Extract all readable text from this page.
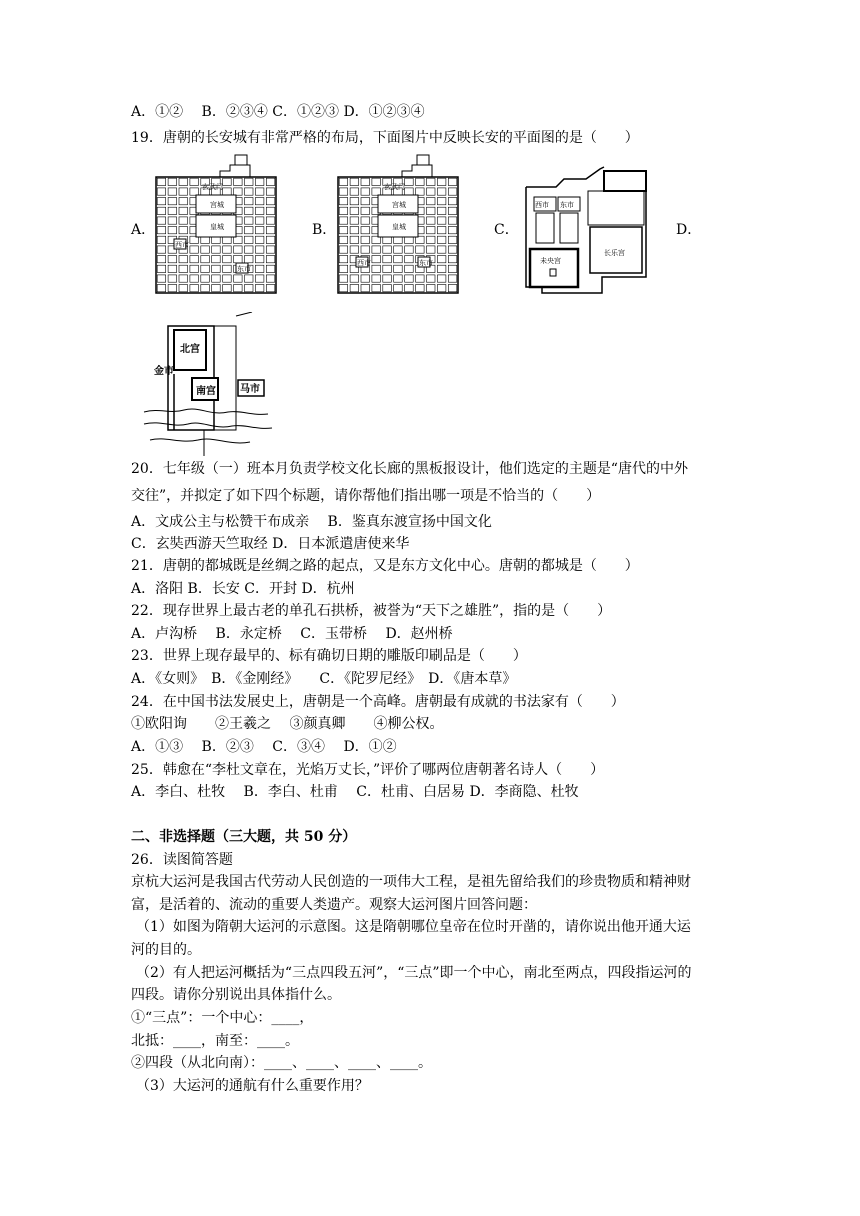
A．①②　 B．②③④ C．①②③ D．①②③④
19．唐朝的长安城有非常严格的布局，下面图片中反映长安的平面图的是（　　）
A．	B．	C．	D．
玄武门
宫城
皇城
西市
东市
玄武门
宫城
皇城
西市	东市
西市 东市
未央宫
长乐宫
北宫
金市
南宫 马市
20．七年级（一）班本月负责学校文化长廊的黑板报设计，他们选定的主题是“唐代的中外
交往”，并拟定了如下四个标题，请你帮他们指出哪一项是不恰当的（　　）
A．文成公主与松赞干布成亲　 B．鉴真东渡宣扬中国文化
C．玄奘西游天竺取经 D．日本派遣唐使来华
21．唐朝的都城既是丝绸之路的起点，又是东方文化中心。唐朝的都城是（　　）
A．洛阳 B．长安 C．开封 D．杭州
22．现存世界上最古老的单孔石拱桥，被誉为“天下之雄胜”，指的是（　　）
A．卢沟桥　 B．永定桥　 C．玉带桥　 D．赵州桥
23．世界上现存最早的、标有确切日期的雕版印刷品是（　　）
A．《女则》　B．《金刚经》　　C．《陀罗尼经》　D．《唐本草》
24．在中国书法发展史上，唐朝是一个高峰。唐朝最有成就的书法家有（　　）
①欧阳询　　②王羲之　 ③颜真卿　　④柳公权。
A．①③　 B．②③　 C．③④　 D．①②
25．韩愈在“李杜文章在，光焰万丈长，”评价了哪两位唐朝著名诗人（　　）
A．李白、杜牧　 B．李白、杜甫　 C．杜甫、白居易 D．李商隐、杜牧
二、非选择题（三大题，共 50 分）
26．读图简答题
京杭大运河是我国古代劳动人民创造的一项伟大工程，是祖先留给我们的珍贵物质和精神财
富，是活着的、流动的重要人类遗产。观察大运河图片回答问题：
（1）如图为隋朝大运河的示意图。这是隋朝哪位皇帝在位时开凿的，请你说出他开通大运
河的目的。
（2）有人把运河概括为“三点四段五河”，“三点”即一个中心，南北至两点，四段指运河的
四段。请你分别说出具体指什么。
①“三点”：一个中心：____，
北抵：____，南至：____。
②四段（从北向南）：____、____、____、____。
（3）大运河的通航有什么重要作用？
